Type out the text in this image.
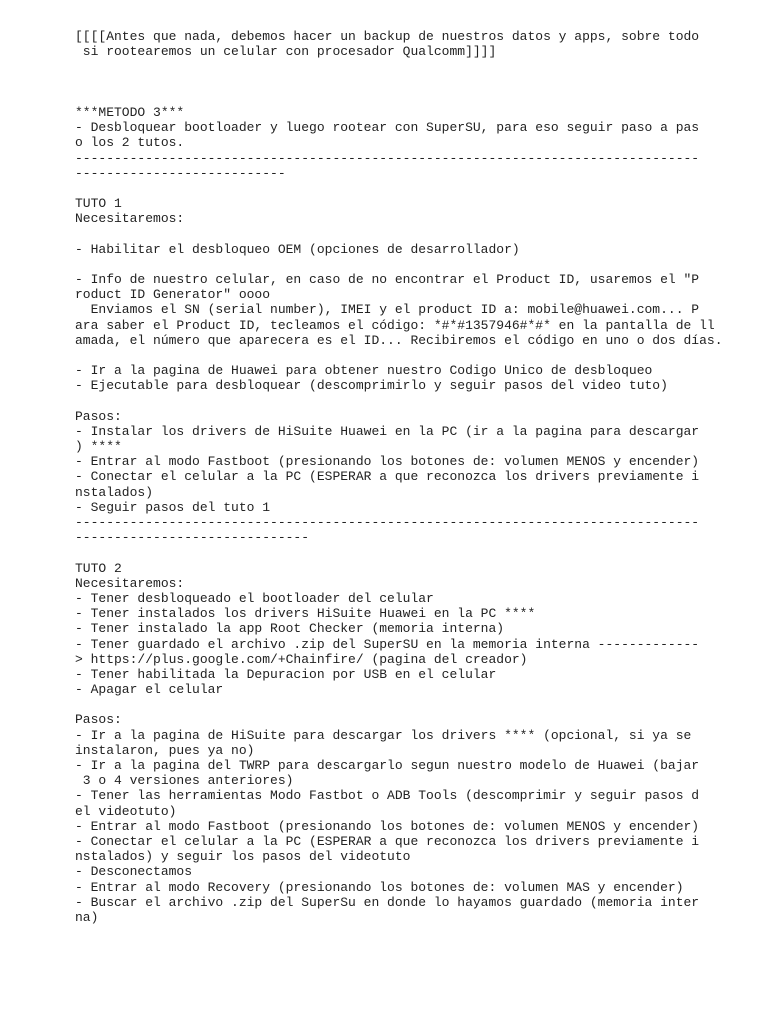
[[[[Antes que nada, debemos hacer un backup de nuestros datos y apps, sobre todo
si rootearemos un celular con procesador Qualcomm]]]]
***METODO 3***
- Desbloquear bootloader y luego rootear con SuperSU, para eso seguir paso a pas
o los 2 tutos.
--------------------------------------------------------------------------------
---------------------------
TUTO 1
Necesitaremos:
- Habilitar el desbloqueo OEM (opciones de desarrollador)
- Info de nuestro celular, en caso de no encontrar el Product ID, usaremos el "P
roduct ID Generator" oooo
Enviamos el SN (serial number), IMEI y el product ID a: mobile@huawei.com... P
ara saber el Product ID, tecleamos el código: *#*#1357946#*#* en la pantalla de ll
amada, el número que aparecera es el ID... Recibiremos el código en uno o dos días.
- Ir a la pagina de Huawei para obtener nuestro Codigo Unico de desbloqueo
- Ejecutable para desbloquear (descomprimirlo y seguir pasos del video tuto)
Pasos:
- Instalar los drivers de HiSuite Huawei en la PC (ir a la pagina para descargar
) ****
- Entrar al modo Fastboot (presionando los botones de: volumen MENOS y encender)
- Conectar el celular a la PC (ESPERAR a que reconozca los drivers previamente i
nstalados)
- Seguir pasos del tuto 1
--------------------------------------------------------------------------------
------------------------------
TUTO 2
Necesitaremos:
- Tener desbloqueado el bootloader del celular
- Tener instalados los drivers HiSuite Huawei en la PC ****
- Tener instalado la app Root Checker (memoria interna)
- Tener guardado el archivo .zip del SuperSU en la memoria interna -------------
> https://plus.google.com/+Chainfire/ (pagina del creador)
- Tener habilitada la Depuracion por USB en el celular
- Apagar el celular
Pasos:
- Ir a la pagina de HiSuite para descargar los drivers **** (opcional, si ya se
instalaron, pues ya no)
- Ir a la pagina del TWRP para descargarlo segun nuestro modelo de Huawei (bajar
3 o 4 versiones anteriores)
- Tener las herramientas Modo Fastbot o ADB Tools (descomprimir y seguir pasos d
el videotuto)
- Entrar al modo Fastboot (presionando los botones de: volumen MENOS y encender)
- Conectar el celular a la PC (ESPERAR a que reconozca los drivers previamente i
nstalados) y seguir los pasos del videotuto
- Desconectamos
- Entrar al modo Recovery (presionando los botones de: volumen MAS y encender)
- Buscar el archivo .zip del SuperSu en donde lo hayamos guardado (memoria inter
na)
